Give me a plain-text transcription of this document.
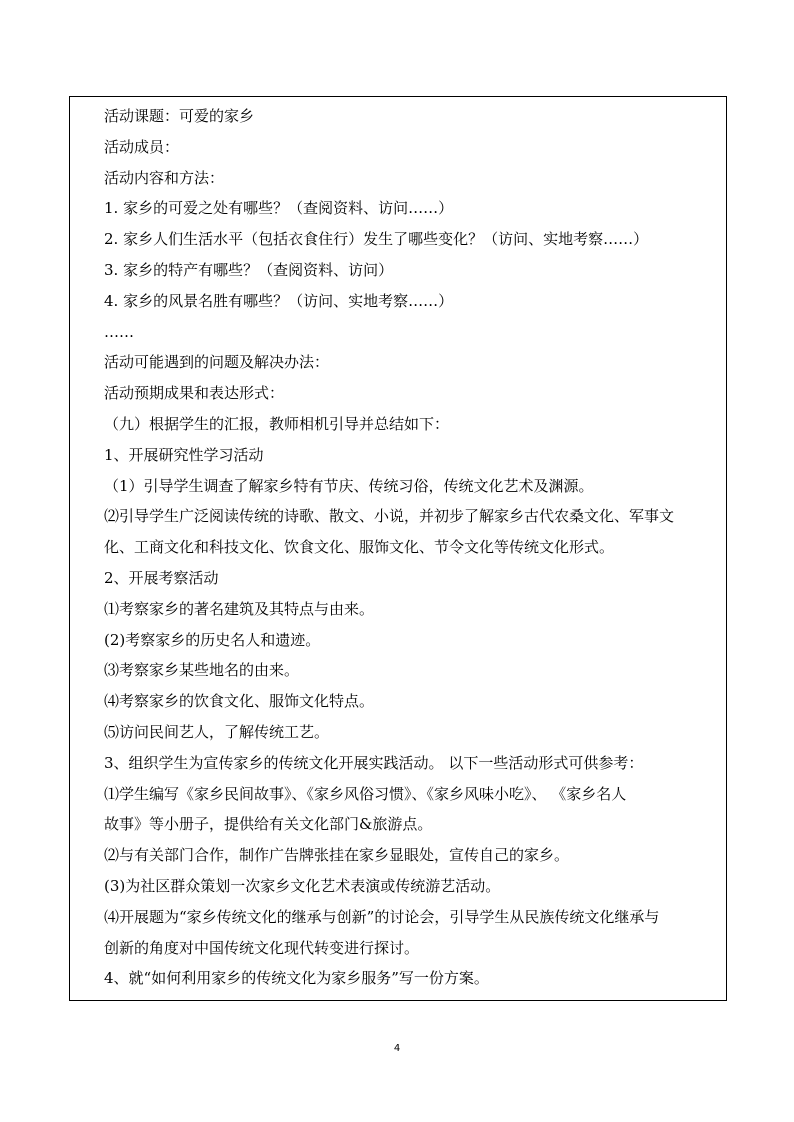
活动课题：可爱的家乡
活动成员：
活动内容和方法：
1. 家乡的可爱之处有哪些？（查阅资料、访问……）
2. 家乡人们生活水平（包括衣食住行）发生了哪些变化？（访问、实地考察……）
3. 家乡的特产有哪些？（查阅资料、访问）
4. 家乡的风景名胜有哪些？（访问、实地考察……）
……
活动可能遇到的问题及解决办法：
活动预期成果和表达形式：
（九）根据学生的汇报，教师相机引导并总结如下：
1、开展研究性学习活动
（1）引导学生调查了解家乡特有节庆、传统习俗，传统文化艺术及渊源。
⑵引导学生广泛阅读传统的诗歌、散文、小说，并初步了解家乡古代农桑文化、军事文
化、工商文化和科技文化、饮食文化、服饰文化、节令文化等传统文化形式。
2、开展考察活动
⑴考察家乡的著名建筑及其特点与由来。
(2)考察家乡的历史名人和遗迹。
⑶考察家乡某些地名的由来。
⑷考察家乡的饮食文化、服饰文化特点。
⑸访问民间艺人，了解传统工艺。
3、组织学生为宣传家乡的传统文化开展实践活动。 以下一些活动形式可供参考：
⑴学生编写《家乡民间故事》、《家乡风俗习惯》、《家乡风味小吃》、 《家乡名人
故事》等小册子，提供给有关文化部门&旅游点。
⑵与有关部门合作，制作广告牌张挂在家乡显眼处，宣传自己的家乡。
(3)为社区群众策划一次家乡文化艺术表演或传统游艺活动。
⑷开展题为“家乡传统文化的继承与创新”的讨论会，引导学生从民族传统文化继承与
创新的角度对中国传统文化现代转变进行探讨。
4、就“如何利用家乡的传统文化为家乡服务”写一份方案。
4
